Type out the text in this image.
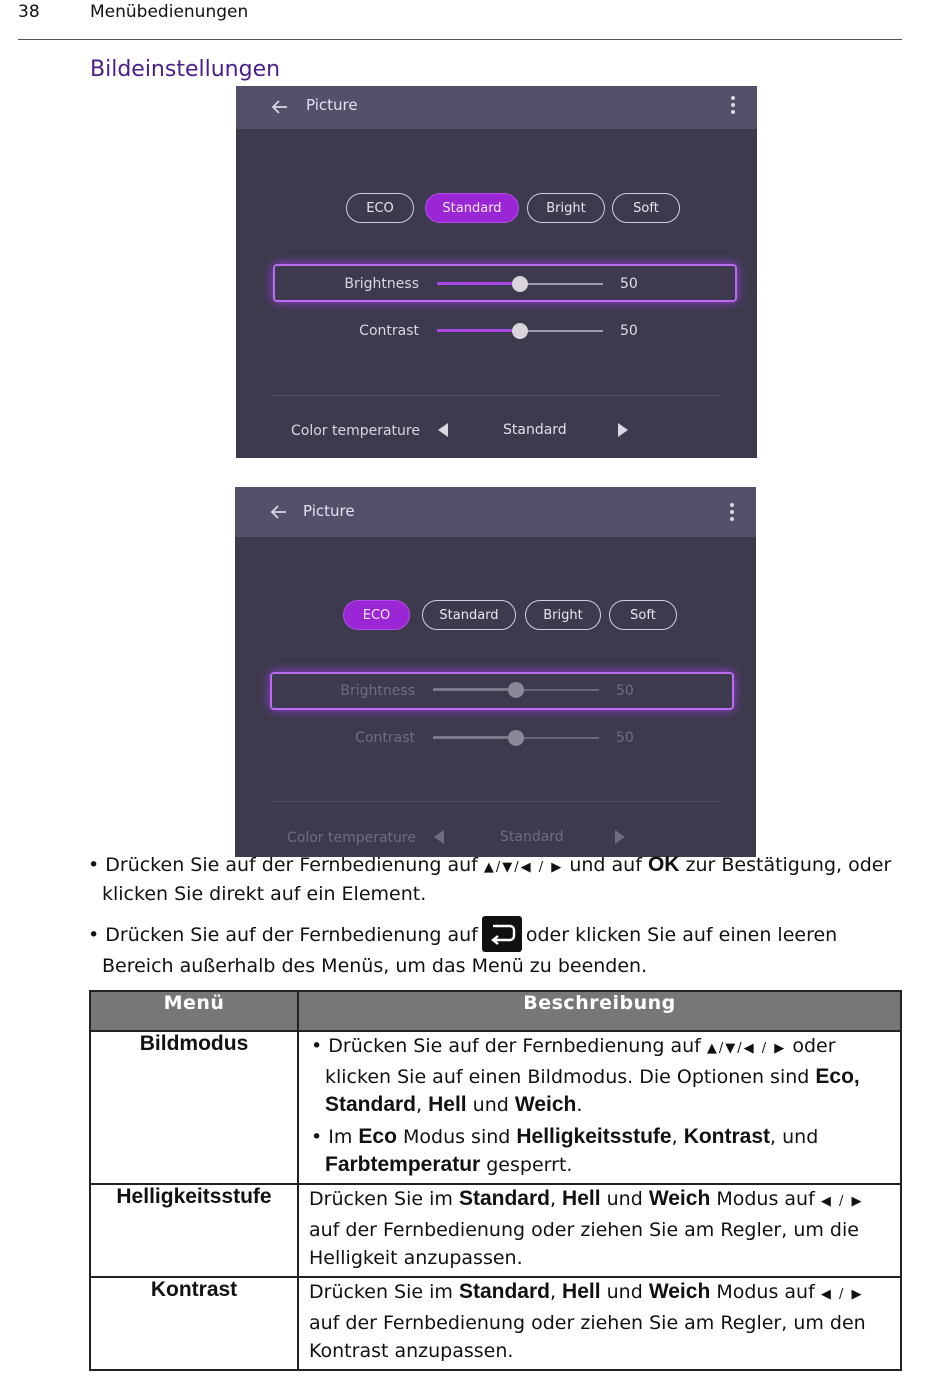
38	Menübedienungen
Bildeinstellungen
Picture
ECO	Standard	Bright	Soft
Brightness	50
Contrast	50
Color temperature	Standard
Picture
ECO	Standard	Bright	Soft
Brightness	50
Contrast	50
Color temperature	Standard
• Drücken Sie auf der Fernbedienung auf ▲/▼/◀ / ▶ und auf OK zur Bestätigung, oder klicken Sie direkt auf ein Element.
• Drücken Sie auf der Fernbedienung auf	oder klicken Sie auf einen leeren Bereich außerhalb des Menüs, um das Menü zu beenden.
Menü	Beschreibung
Bildmodus	• Drücken Sie auf der Fernbedienung auf ▲/▼/◀ / ▶ oder klicken Sie auf einen Bildmodus. Die Optionen sind Eco, Standard, Hell und Weich.
• Im Eco Modus sind Helligkeitsstufe, Kontrast, und Farbtemperatur gesperrt.

Helligkeitsstufe	Drücken Sie im Standard, Hell und Weich Modus auf ◀ / ▶ auf der Fernbedienung oder ziehen Sie am Regler, um die Helligkeit anzupassen.
Kontrast	Drücken Sie im Standard, Hell und Weich Modus auf ◀ / ▶ auf der Fernbedienung oder ziehen Sie am Regler, um den Kontrast anzupassen.
